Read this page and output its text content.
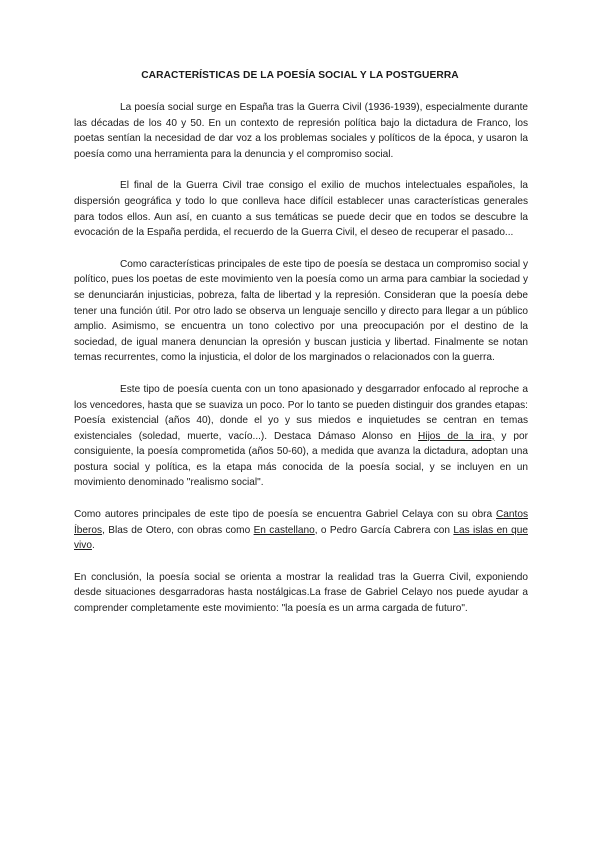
CARACTERÍSTICAS DE LA POESÍA SOCIAL Y LA POSTGUERRA

La poesía social surge en España tras la Guerra Civil (1936-1939), especialmente durante las décadas de los 40 y 50. En un contexto de represión política bajo la dictadura de Franco, los poetas sentían la necesidad de dar voz a los problemas sociales y políticos de la época, y usaron la poesía como una herramienta para la denuncia y el compromiso social.

El final de la Guerra Civil trae consigo el exilio de muchos intelectuales españoles, la dispersión geográfica y todo lo que conlleva hace difícil establecer unas características generales para todos ellos. Aun así, en cuanto a sus temáticas se puede decir que en todos se descubre la evocación de la España perdida, el recuerdo de la Guerra Civil, el deseo de recuperar el pasado...

Como características principales de este tipo de poesía se destaca un compromiso social y político, pues los poetas de este movimiento ven la poesía como un arma para cambiar la sociedad y se denunciarán injusticias, pobreza, falta de libertad y la represión. Consideran que la poesía debe tener una función útil. Por otro lado se observa un lenguaje sencillo y directo para llegar a un público amplio. Asimismo, se encuentra un tono colectivo por una preocupación por el destino de la sociedad, de igual manera denuncian la opresión y buscan justicia y libertad. Finalmente se notan temas recurrentes, como la injusticia, el dolor de los marginados o relacionados con la guerra.

Este tipo de poesía cuenta con un tono apasionado y desgarrador enfocado al reproche a los vencedores, hasta que se suaviza un poco. Por lo tanto se pueden distinguir dos grandes etapas: Poesía existencial (años 40), donde el yo y sus miedos e inquietudes se centran en temas existenciales (soledad, muerte, vacío...). Destaca Dámaso Alonso en Hijos de la ira, y por consiguiente, la poesía comprometida (años 50-60), a medida que avanza la dictadura, adoptan una postura social y política, es la etapa más conocida de la poesía social, y se incluyen en un movimiento denominado "realismo social".

Como autores principales de este tipo de poesía se encuentra Gabriel Celaya con su obra Cantos Íberos, Blas de Otero, con obras como En castellano, o Pedro García Cabrera con Las islas en que vivo.

En conclusión, la poesía social se orienta a mostrar la realidad tras la Guerra Civil, exponiendo desde situaciones desgarradoras hasta nostálgicas.La frase de Gabriel Celayo nos puede ayudar a comprender completamente este movimiento: "la poesía es un arma cargada de futuro".
